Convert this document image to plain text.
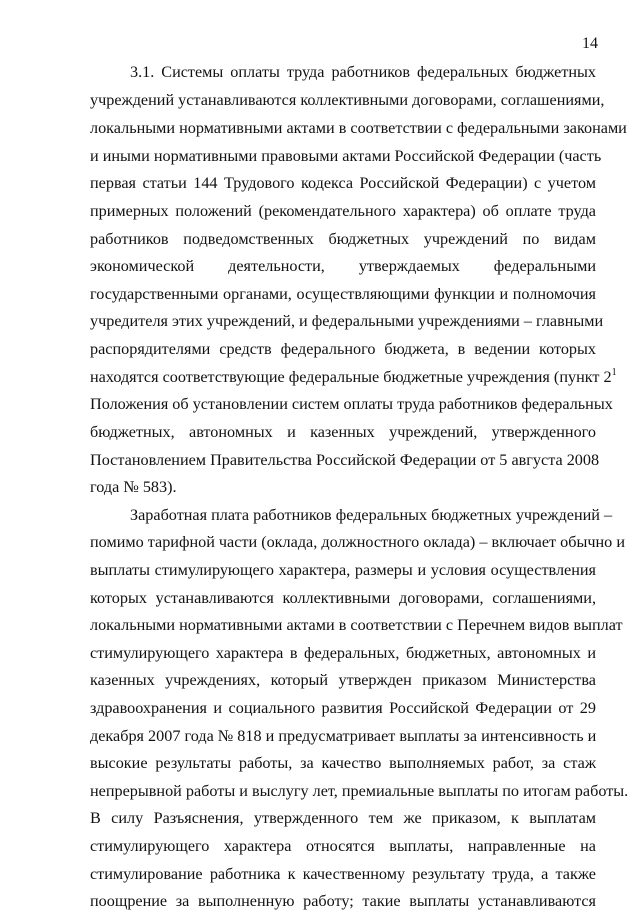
14
3.1. Системы оплаты труда работников федеральных бюджетных
учреждений устанавливаются коллективными договорами, соглашениями,
локальными нормативными актами в соответствии с федеральными законами
и иными нормативными правовыми актами Российской Федерации (часть
первая статьи 144 Трудового кодекса Российской Федерации) с учетом
примерных положений (рекомендательного характера) об оплате труда
работников подведомственных бюджетных учреждений по видам
экономической деятельности, утверждаемых федеральными
государственными органами, осуществляющими функции и полномочия
учредителя этих учреждений, и федеральными учреждениями – главными
распорядителями средств федерального бюджета, в ведении которых
находятся соответствующие федеральные бюджетные учреждения (пункт 2$^1$
Положения об установлении систем оплаты труда работников федеральных
бюджетных, автономных и казенных учреждений, утвержденного
Постановлением Правительства Российской Федерации от 5 августа 2008
года № 583).
Заработная плата работников федеральных бюджетных учреждений –
помимо тарифной части (оклада, должностного оклада) – включает обычно и
выплаты стимулирующего характера, размеры и условия осуществления
которых устанавливаются коллективными договорами, соглашениями,
локальными нормативными актами в соответствии с Перечнем видов выплат
стимулирующего характера в федеральных, бюджетных, автономных и
казенных учреждениях, который утвержден приказом Министерства
здравоохранения и социального развития Российской Федерации от 29
декабря 2007 года № 818 и предусматривает выплаты за интенсивность и
высокие результаты работы, за качество выполняемых работ, за стаж
непрерывной работы и выслугу лет, премиальные выплаты по итогам работы.
В силу Разъяснения, утвержденного тем же приказом, к выплатам
стимулирующего характера относятся выплаты, направленные на
стимулирование работника к качественному результату труда, а также
поощрение за выполненную работу; такие выплаты устанавливаются
